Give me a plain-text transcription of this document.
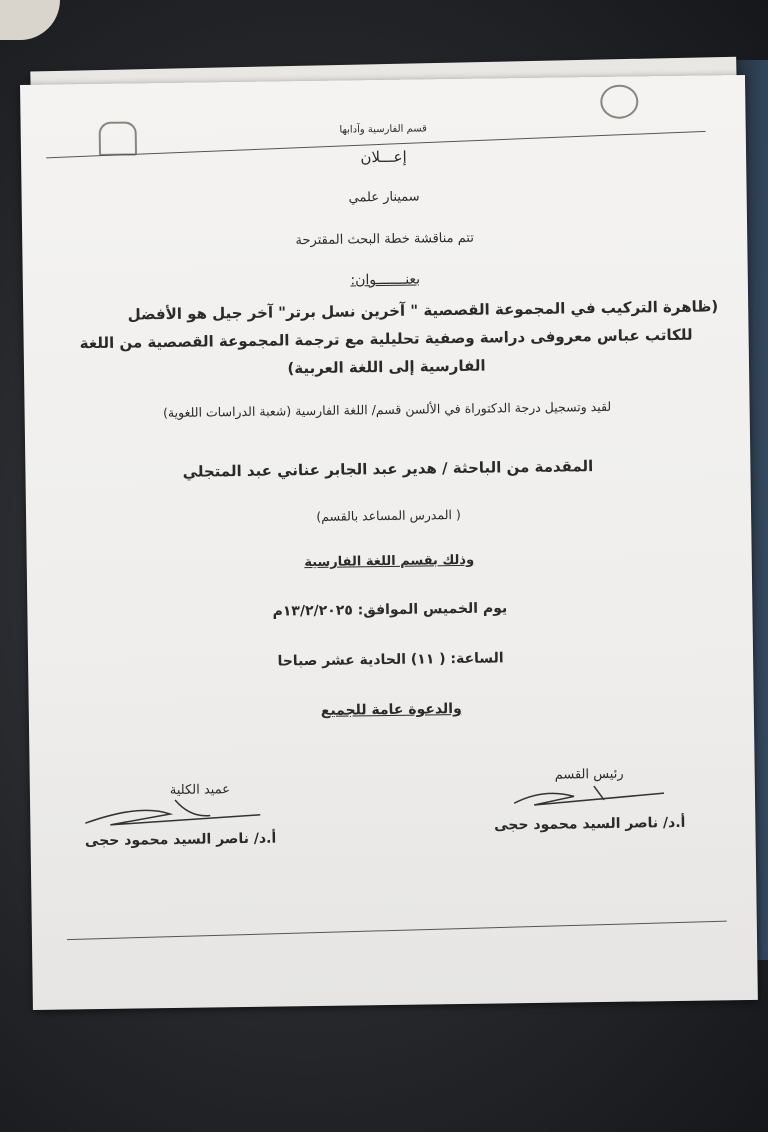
قسم الفارسية وآدابها
إعـــلان
سمينار علمي
تتم مناقشة خطة البحث المقترحة
بعنـــــــوان:
(ظاهرة التركيب في المجموعة القصصية " آخرين نسل برتر" آخر جيل هو الأفضل
للكاتب عباس معروفى دراسة وصفية تحليلية مع ترجمة المجموعة القصصية من اللغة
الفارسية إلى اللغة العربية)
لقيد وتسجيل درجة الدكتوراة في الألسن قسم/ اللغة الفارسية (شعبة الدراسات اللغوية)
المقدمة من الباحثة / هدير عبد الجابر عناني عبد المتجلي
( المدرس المساعد بالقسم)
وذلك بقسم اللغة الفارسية
يوم الخميس الموافق: ١٣/٢/٢٠٢٥م
الساعة: ( ١١) الحادية عشر صباحا
والدعوة عامة للجميع
رئيس القسم
أ.د/ ناصر السيد محمود حجى
عميد الكلية
أ.د/ ناصر السيد محمود حجى
